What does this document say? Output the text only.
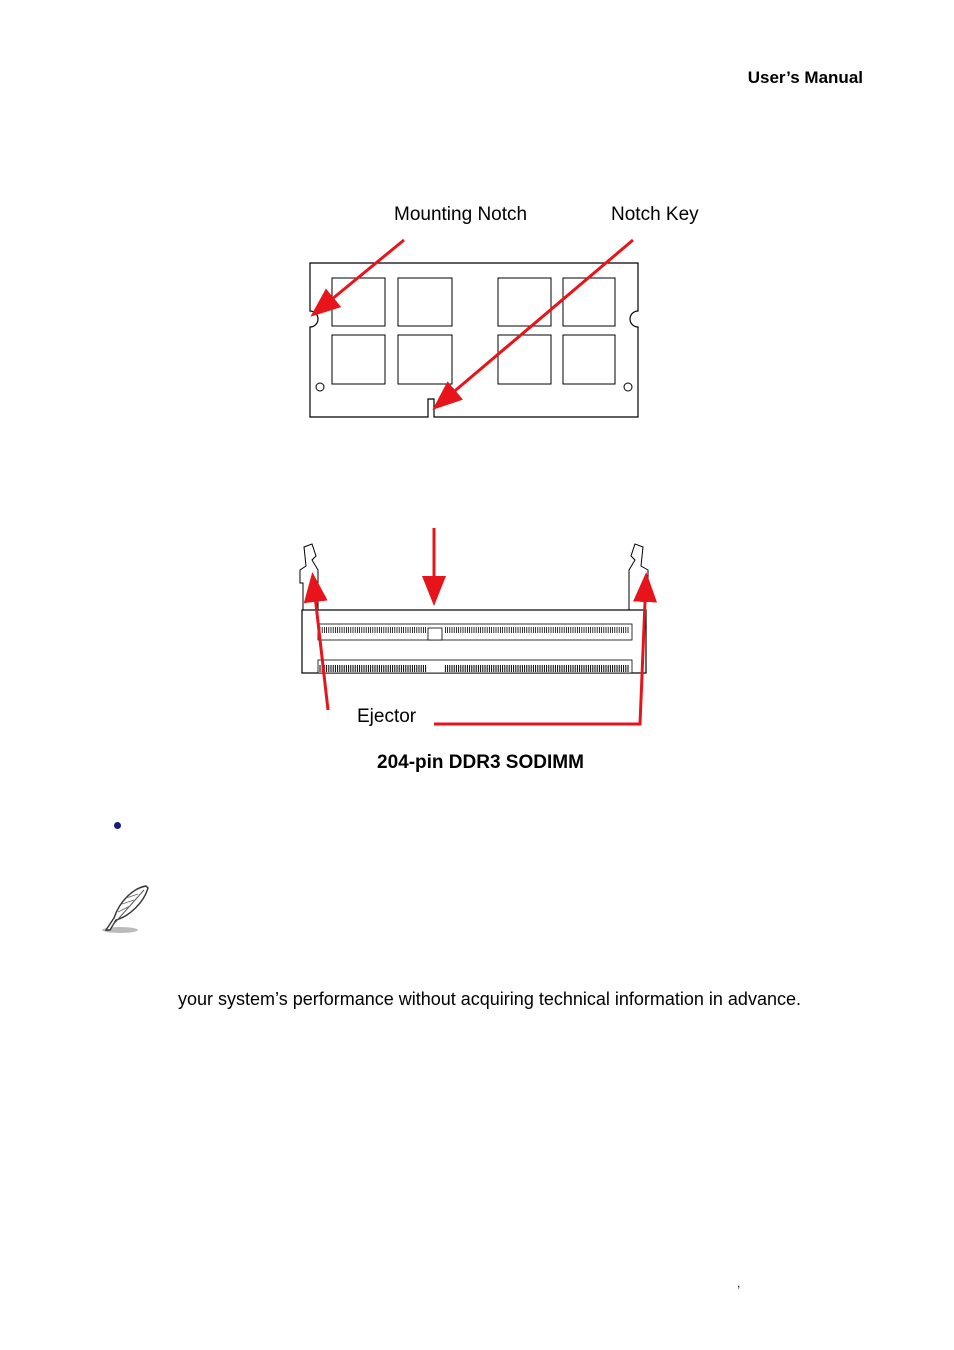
User’s Manual
Mounting Notch	Notch Key
Ejector
204-pin DDR3 SODIMM
your system’s performance without acquiring technical information in advance.
,
